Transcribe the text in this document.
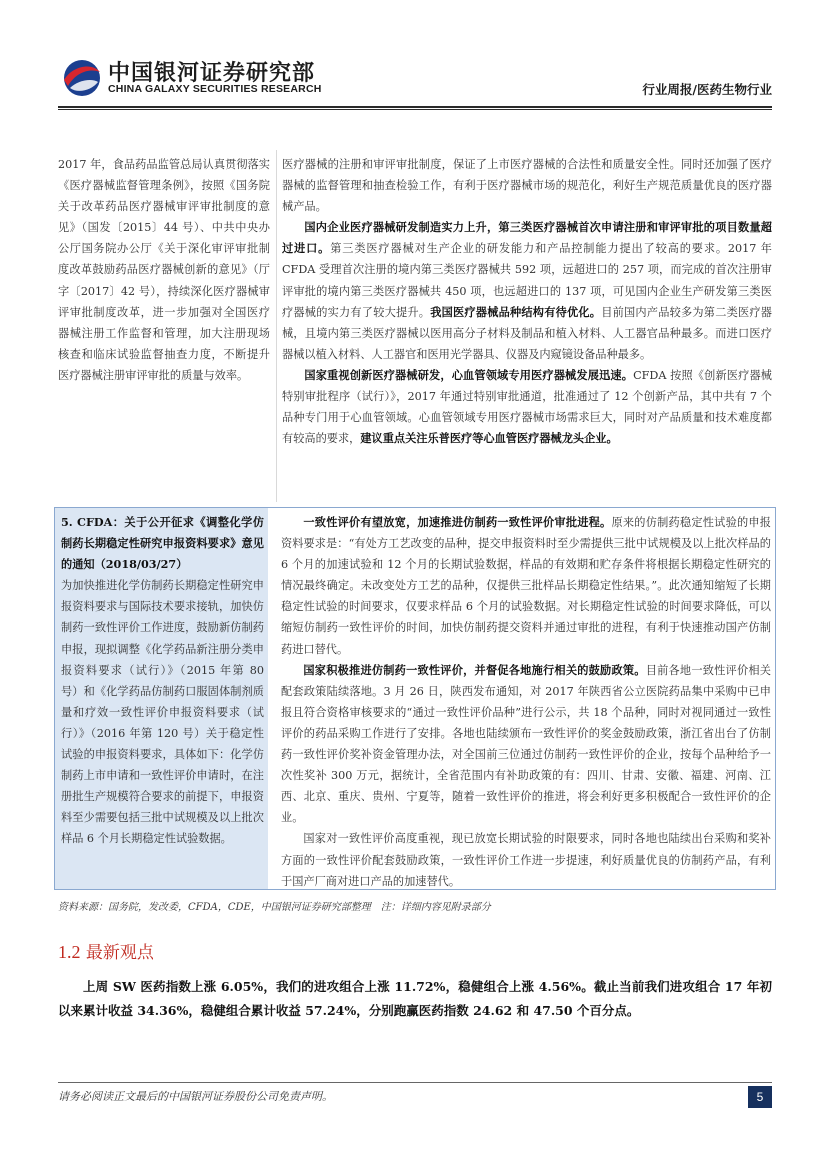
中国银河证券研究部
CHINA GALAXY SECURITIES RESEARCH	行业周报/医药生物行业
2017 年，食品药品监管总局认真贯彻落实《医疗器械监督管理条例》，按照《国务院关于改革药品医疗器械审评审批制度的意见》（国发〔2015〕44 号）、中共中央办公厅国务院办公厅《关于深化审评审批制度改革鼓励药品医疗器械创新的意见》（厅字〔2017〕42 号），持续深化医疗器械审评审批制度改革，进一步加强对全国医疗器械注册工作监督和管理，加大注册现场核查和临床试验监督抽查力度，不断提升医疗器械注册审评审批的质量与效率。

医疗器械的注册和审评审批制度，保证了上市医疗器械的合法性和质量安全性。同时还加强了医疗器械的监督管理和抽查检验工作，有利于医疗器械市场的规范化，利好生产规范质量优良的医疗器械产品。

国内企业医疗器械研发制造实力上升，第三类医疗器械首次申请注册和审评审批的项目数量超过进口。第三类医疗器械对生产企业的研发能力和产品控制能力提出了较高的要求。2017 年 CFDA 受理首次注册的境内第三类医疗器械共 592 项，远超进口的 257 项，而完成的首次注册审评审批的境内第三类医疗器械共 450 项，也远超进口的 137 项，可见国内企业生产研发第三类医疗器械的实力有了较大提升。我国医疗器械品种结构有待优化。目前国内产品较多为第二类医疗器械，且境内第三类医疗器械以医用高分子材料及制品和植入材料、人工器官品种最多。而进口医疗器械以植入材料、人工器官和医用光学器具、仪器及内窥镜设备品种最多。

国家重视创新医疗器械研发，心血管领域专用医疗器械发展迅速。CFDA 按照《创新医疗器械特别审批程序（试行）》，2017 年通过特别审批通道，批准通过了 12 个创新产品，其中共有 7 个品种专门用于心血管领域。心血管领域专用医疗器械市场需求巨大，同时对产品质量和技术难度都有较高的要求，建议重点关注乐普医疗等心血管医疗器械龙头企业。

5. CFDA：关于公开征求《调整化学仿制药长期稳定性研究申报资料要求》意见的通知（2018/03/27）
为加快推进化学仿制药长期稳定性研究申报资料要求与国际技术要求接轨，加快仿制药一致性评价工作进度，鼓励新仿制药申报，现拟调整《化学药品新注册分类申报资料要求（试行）》（2015 年第 80 号）和《化学药品仿制药口服固体制剂质量和疗效一致性评价申报资料要求（试行）》（2016 年第 120 号）关于稳定性试验的申报资料要求，具体如下：化学仿制药上市申请和一致性评价申请时，在注册批生产规模符合要求的前提下，申报资料至少需要包括三批中试规模及以上批次样品 6 个月长期稳定性试验数据。

一致性评价有望放宽，加速推进仿制药一致性评价审批进程。原来的仿制药稳定性试验的申报资料要求是：“有处方工艺改变的品种，提交申报资料时至少需提供三批中试规模及以上批次样品的 6 个月的加速试验和 12 个月的长期试验数据，样品的有效期和贮存条件将根据长期稳定性研究的情况最终确定。未改变处方工艺的品种，仅提供三批样品长期稳定性结果。”。此次通知缩短了长期稳定性试验的时间要求，仅要求样品 6 个月的试验数据。对长期稳定性试验的时间要求降低，可以缩短仿制药一致性评价的时间，加快仿制药提交资料并通过审批的进程，有利于快速推动国产仿制药进口替代。

国家积极推进仿制药一致性评价，并督促各地施行相关的鼓励政策。目前各地一致性评价相关配套政策陆续落地。3 月 26 日，陕西发布通知，对 2017 年陕西省公立医院药品集中采购中已申报且符合资格审核要求的“通过一致性评价品种”进行公示，共 18 个品种，同时对视同通过一致性评价的药品采购工作进行了安排。各地也陆续颁布一致性评价的奖金鼓励政策，浙江省出台了仿制药一致性评价奖补资金管理办法，对全国前三位通过仿制药一致性评价的企业，按每个品种给予一次性奖补 300 万元，据统计，全省范围内有补助政策的有：四川、甘肃、安徽、福建、河南、江西、北京、重庆、贵州、宁夏等，随着一致性评价的推进，将会利好更多积极配合一致性评价的企业。

国家对一致性评价高度重视，现已放宽长期试验的时限要求，同时各地也陆续出台采购和奖补方面的一致性评价配套鼓励政策，一致性评价工作进一步提速，利好质量优良的仿制药产品，有利于国产厂商对进口产品的加速替代。

资料来源：国务院，发改委，CFDA，CDE，中国银河证券研究部整理　注：详细内容见附录部分
1.2 最新观点
上周 SW 医药指数上涨 6.05%，我们的进攻组合上涨 11.72%，稳健组合上涨 4.56%。截止当前我们进攻组合 17 年初以来累计收益 34.36%，稳健组合累计收益 57.24%，分别跑赢医药指数 24.62 和 47.50 个百分点。
请务必阅读正文最后的中国银河证券股份公司免责声明。	5
